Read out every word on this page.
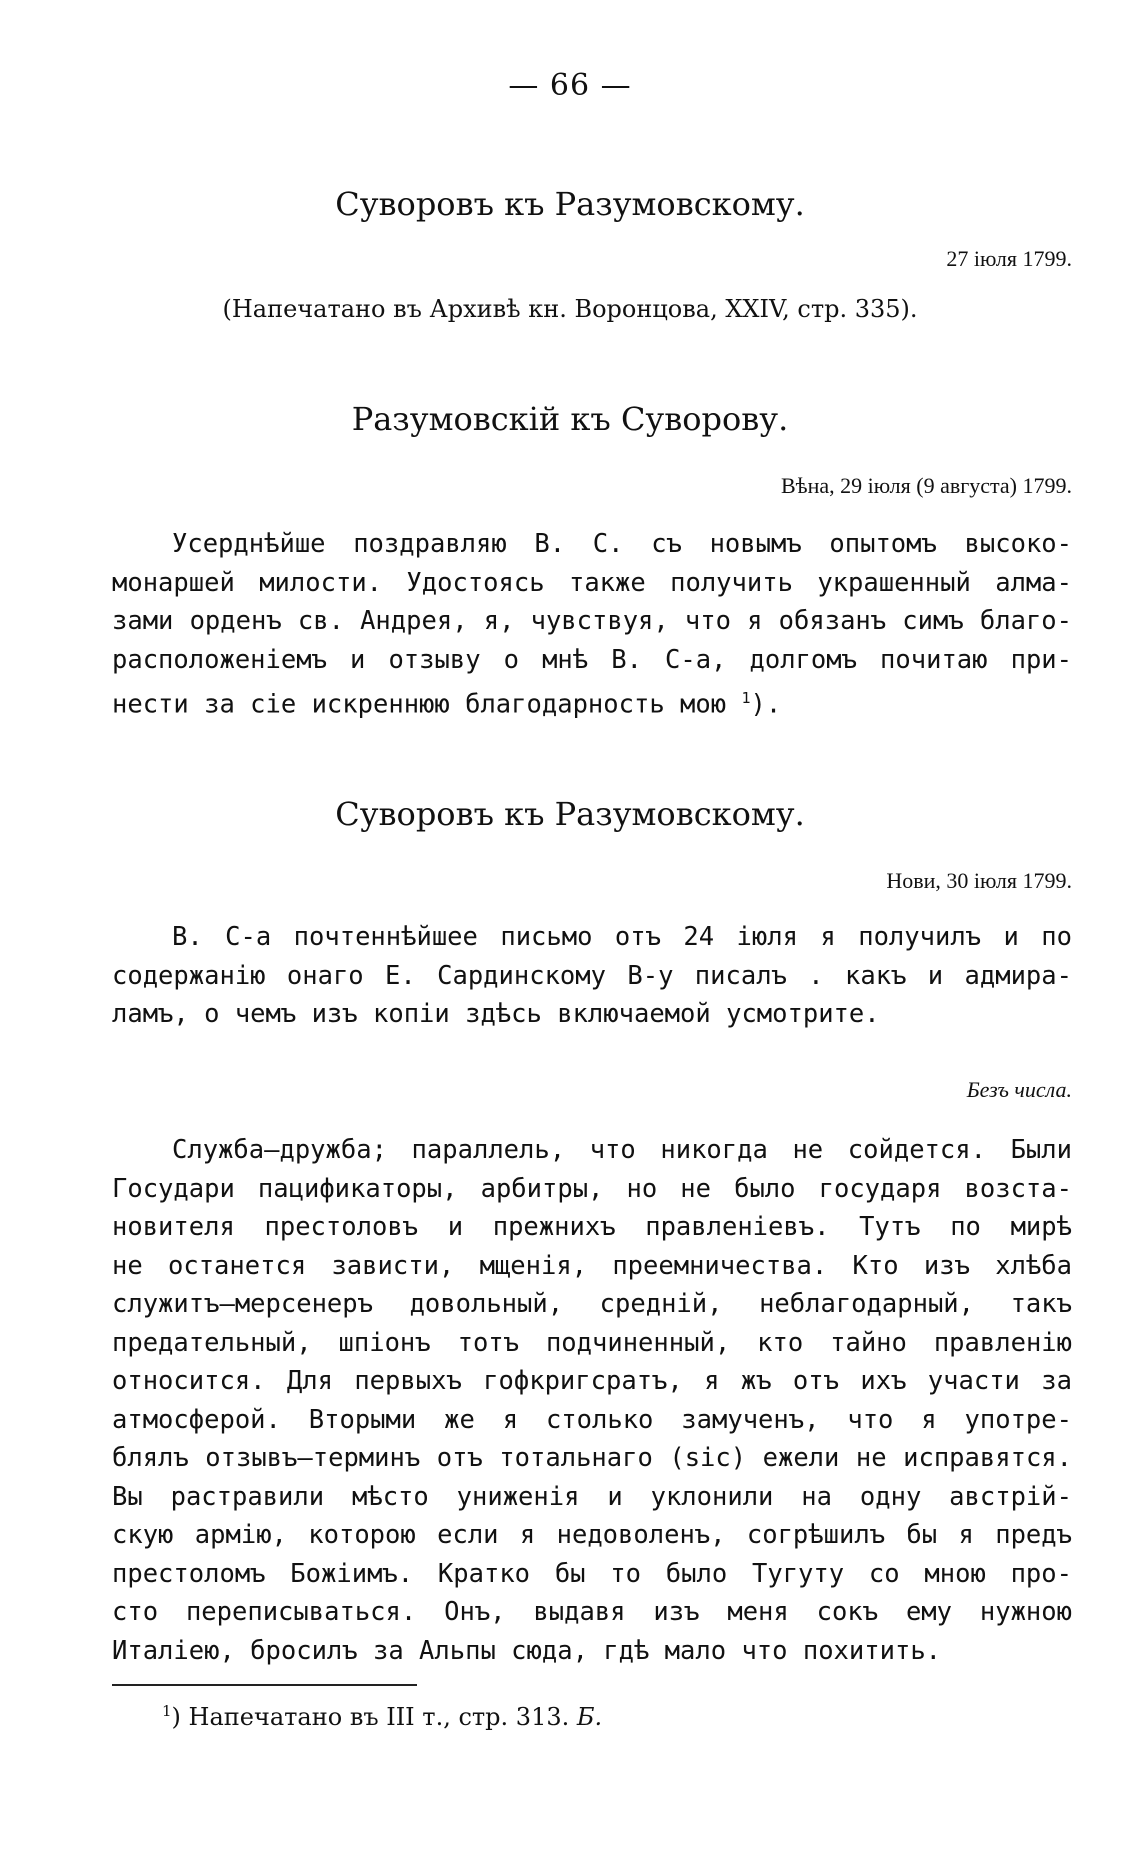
— 66 —
Суворовъ къ Разумовскому.
27 іюля 1799.
(Напечатано въ Архивѣ кн. Воронцова, XXIV, стр. 335).
Разумовскій къ Суворову.
Вѣна, 29 іюля (9 августа) 1799.
Усерднѣйше поздравляю В. С. съ новымъ опытомъ высоко-
монаршей милости. Удостоясь также получить украшенный алма-
зами орденъ св. Андрея, я, чувствуя, что я обязанъ симъ благо-
расположеніемъ и отзыву о мнѣ В. С-а, долгомъ почитаю при-
нести за сіе искреннюю благодарность мою $^1$).
Суворовъ къ Разумовскому.
Нови, 30 іюля 1799.
В. С-а почтеннѣйшее письмо отъ 24 іюля я получилъ и по
содержанію онаго Е. Сардинскому В-у писалъ . какъ и адмира-
ламъ, о чемъ изъ копіи здѣсь включаемой усмотрите.
Безъ числа.
Служба—дружба; параллель, что никогда не сойдется. Были
Государи пацификаторы, арбитры, но не было государя возста-
новителя престоловъ и прежнихъ правленіевъ. Тутъ по мирѣ
не останется зависти, мщенія, преемничества. Кто изъ хлѣба
служитъ—мерсенеръ довольный, средній, неблагодарный, такъ
предательный, шпіонъ тотъ подчиненный, кто тайно правленію
относится. Для первыхъ гофкригсратъ, я жъ отъ ихъ участи за
атмосферой. Вторыми же я столько замученъ, что я употре-
блялъ отзывъ—терминъ отъ тотальнаго (sic) ежели не исправятся.
Вы растравили мѣсто униженія и уклонили на одну австрій-
скую армію, которою если я недоволенъ, согрѣшилъ бы я предъ
престоломъ Божіимъ. Кратко бы то было Тугуту со мною про-
сто переписываться. Онъ, выдавя изъ меня сокъ ему нужною
Италіею, бросилъ за Альпы сюда, гдѣ мало что похитить.
$^1$) Напечатано въ III т., стр. 313. Б.
